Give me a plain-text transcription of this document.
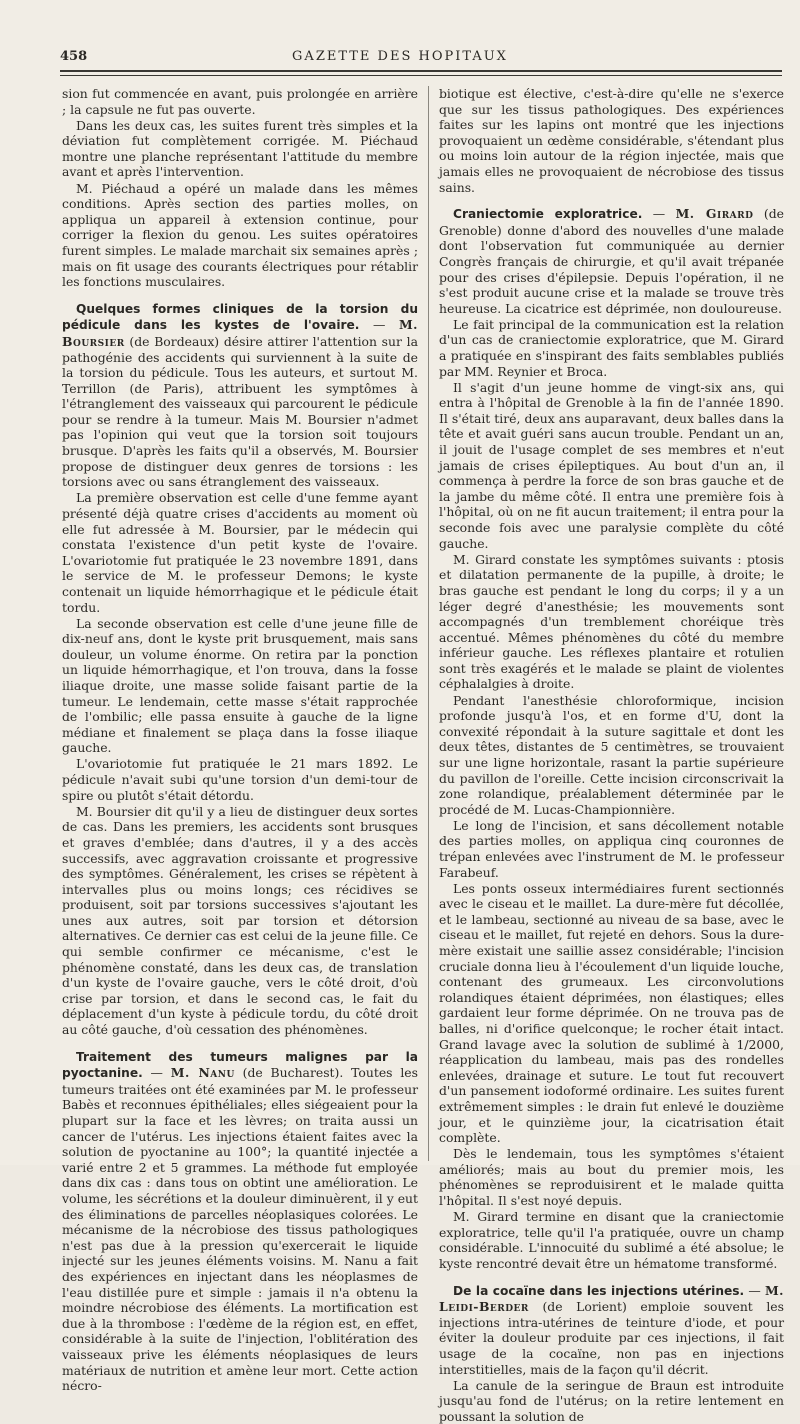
458	GAZETTE DES HOPITAUX

sion fut commencée en avant, puis prolongée en arrière ; la capsule ne fut pas ouverte.

Dans les deux cas, les suites furent très simples et la déviation fut complètement corrigée. M. Piéchaud montre une planche représentant l'attitude du membre avant et après l'intervention.

M. Piéchaud a opéré un malade dans les mêmes conditions. Après section des parties molles, on appliqua un appareil à extension continue, pour corriger la flexion du genou. Les suites opératoires furent simples. Le malade marchait six semaines après ; mais on fit usage des courants électriques pour rétablir les fonctions musculaires.

Quelques formes cliniques de la torsion du pédicule dans les kystes de l'ovaire. — M. Boursier (de Bordeaux) désire attirer l'attention sur la pathogénie des accidents qui surviennent à la suite de la torsion du pédicule. Tous les auteurs, et surtout M. Terrillon (de Paris), attribuent les symptômes à l'étranglement des vaisseaux qui parcourent le pédicule pour se rendre à la tumeur. Mais M. Boursier n'admet pas l'opinion qui veut que la torsion soit toujours brusque. D'après les faits qu'il a observés, M. Boursier propose de distinguer deux genres de torsions : les torsions avec ou sans étranglement des vaisseaux.

La première observation est celle d'une femme ayant présenté déjà quatre crises d'accidents au moment où elle fut adressée à M. Boursier, par le médecin qui constata l'existence d'un petit kyste de l'ovaire. L'ovariotomie fut pratiquée le 23 novembre 1891, dans le service de M. le professeur Demons; le kyste contenait un liquide hémorrhagique et le pédicule était tordu.

La seconde observation est celle d'une jeune fille de dix-neuf ans, dont le kyste prit brusquement, mais sans douleur, un volume énorme. On retira par la ponction un liquide hémorrhagique, et l'on trouva, dans la fosse iliaque droite, une masse solide faisant partie de la tumeur. Le lendemain, cette masse s'était rapprochée de l'ombilic; elle passa ensuite à gauche de la ligne médiane et finalement se plaça dans la fosse iliaque gauche.

L'ovariotomie fut pratiquée le 21 mars 1892. Le pédicule n'avait subi qu'une torsion d'un demi-tour de spire ou plutôt s'était détordu.

M. Boursier dit qu'il y a lieu de distinguer deux sortes de cas. Dans les premiers, les accidents sont brusques et graves d'emblée; dans d'autres, il y a des accès successifs, avec aggravation croissante et progressive des symptômes. Généralement, les crises se répètent à intervalles plus ou moins longs; ces récidives se produisent, soit par torsions successives s'ajoutant les unes aux autres, soit par torsion et détorsion alternatives. Ce dernier cas est celui de la jeune fille. Ce qui semble confirmer ce mécanisme, c'est le phénomène constaté, dans les deux cas, de translation d'un kyste de l'ovaire gauche, vers le côté droit, d'où crise par torsion, et dans le second cas, le fait du déplacement d'un kyste à pédicule tordu, du côté droit au côté gauche, d'où cessation des phénomènes.

Traitement des tumeurs malignes par la pyoctanine. — M. Nanu (de Bucharest). Toutes les tumeurs traitées ont été examinées par M. le professeur Babès et reconnues épithéliales; elles siégeaient pour la plupart sur la face et les lèvres; on traita aussi un cancer de l'utérus. Les injections étaient faites avec la solution de pyoctanine au 100°; la quantité injectée a varié entre 2 et 5 grammes. La méthode fut employée dans dix cas : dans tous on obtint une amélioration. Le volume, les sécrétions et la douleur diminuèrent, il y eut des éliminations de parcelles néoplasiques colorées. Le mécanisme de la nécrobiose des tissus pathologiques n'est pas due à la pression qu'exercerait le liquide injecté sur les jeunes éléments voisins. M. Nanu a fait des expériences en injectant dans les néoplasmes de l'eau distillée pure et simple : jamais il n'a obtenu la moindre nécrobiose des éléments. La mortification est due à la thrombose : l'œdème de la région est, en effet, considérable à la suite de l'injection, l'oblitération des vaisseaux prive les éléments néoplasiques de leurs matériaux de nutrition et amène leur mort. Cette action nécro-

biotique est élective, c'est-à-dire qu'elle ne s'exerce que sur les tissus pathologiques. Des expériences faites sur les lapins ont montré que les injections provoquaient un œdème considérable, s'étendant plus ou moins loin autour de la région injectée, mais que jamais elles ne provoquaient de nécrobiose des tissus sains.

Craniectomie exploratrice. — M. Girard (de Grenoble) donne d'abord des nouvelles d'une malade dont l'observation fut communiquée au dernier Congrès français de chirurgie, et qu'il avait trépanée pour des crises d'épilepsie. Depuis l'opération, il ne s'est produit aucune crise et la malade se trouve très heureuse. La cicatrice est déprimée, non douloureuse.

Le fait principal de la communication est la relation d'un cas de craniectomie exploratrice, que M. Girard a pratiquée en s'inspirant des faits semblables publiés par MM. Reynier et Broca.

Il s'agit d'un jeune homme de vingt-six ans, qui entra à l'hôpital de Grenoble à la fin de l'année 1890. Il s'était tiré, deux ans auparavant, deux balles dans la tête et avait guéri sans aucun trouble. Pendant un an, il jouit de l'usage complet de ses membres et n'eut jamais de crises épileptiques. Au bout d'un an, il commença à perdre la force de son bras gauche et de la jambe du même côté. Il entra une première fois à l'hôpital, où on ne fit aucun traitement; il entra pour la seconde fois avec une paralysie complète du côté gauche.

M. Girard constate les symptômes suivants : ptosis et dilatation permanente de la pupille, à droite; le bras gauche est pendant le long du corps; il y a un léger degré d'anesthésie; les mouvements sont accompagnés d'un tremblement choréique très accentué. Mêmes phénomènes du côté du membre inférieur gauche. Les réflexes plantaire et rotulien sont très exagérés et le malade se plaint de violentes céphalalgies à droite.

Pendant l'anesthésie chloroformique, incision profonde jusqu'à l'os, et en forme d'U, dont la convexité répondait à la suture sagittale et dont les deux têtes, distantes de 5 centimètres, se trouvaient sur une ligne horizontale, rasant la partie supérieure du pavillon de l'oreille. Cette incision circonscrivait la zone rolandique, préalablement déterminée par le procédé de M. Lucas-Championnière.

Le long de l'incision, et sans décollement notable des parties molles, on appliqua cinq couronnes de trépan enlevées avec l'instrument de M. le professeur Farabeuf.

Les ponts osseux intermédiaires furent sectionnés avec le ciseau et le maillet. La dure-mère fut décollée, et le lambeau, sectionné au niveau de sa base, avec le ciseau et le maillet, fut rejeté en dehors. Sous la dure-mère existait une saillie assez considérable; l'incision cruciale donna lieu à l'écoulement d'un liquide louche, contenant des grumeaux. Les circonvolutions rolandiques étaient déprimées, non élastiques; elles gardaient leur forme déprimée. On ne trouva pas de balles, ni d'orifice quelconque; le rocher était intact. Grand lavage avec la solution de sublimé à 1/2000, réapplication du lambeau, mais pas des rondelles enlevées, drainage et suture. Le tout fut recouvert d'un pansement iodoformé ordinaire. Les suites furent extrêmement simples : le drain fut enlevé le douzième jour, et le quinzième jour, la cicatrisation était complète.

Dès le lendemain, tous les symptômes s'étaient améliorés; mais au bout du premier mois, les phénomènes se reproduisirent et le malade quitta l'hôpital. Il s'est noyé depuis.

M. Girard termine en disant que la craniectomie exploratrice, telle qu'il l'a pratiquée, ouvre un champ considérable. L'innocuité du sublimé a été absolue; le kyste rencontré devait être un hématome transformé.

De la cocaïne dans les injections utérines. — M. Leidi-Berder (de Lorient) emploie souvent les injections intra-utérines de teinture d'iode, et pour éviter la douleur produite par ces injections, il fait usage de la cocaïne, non pas en injections interstitielles, mais de la façon qu'il décrit.

La canule de la seringue de Braun est introduite jusqu'au fond de l'utérus; on la retire lentement en poussant la solution de
